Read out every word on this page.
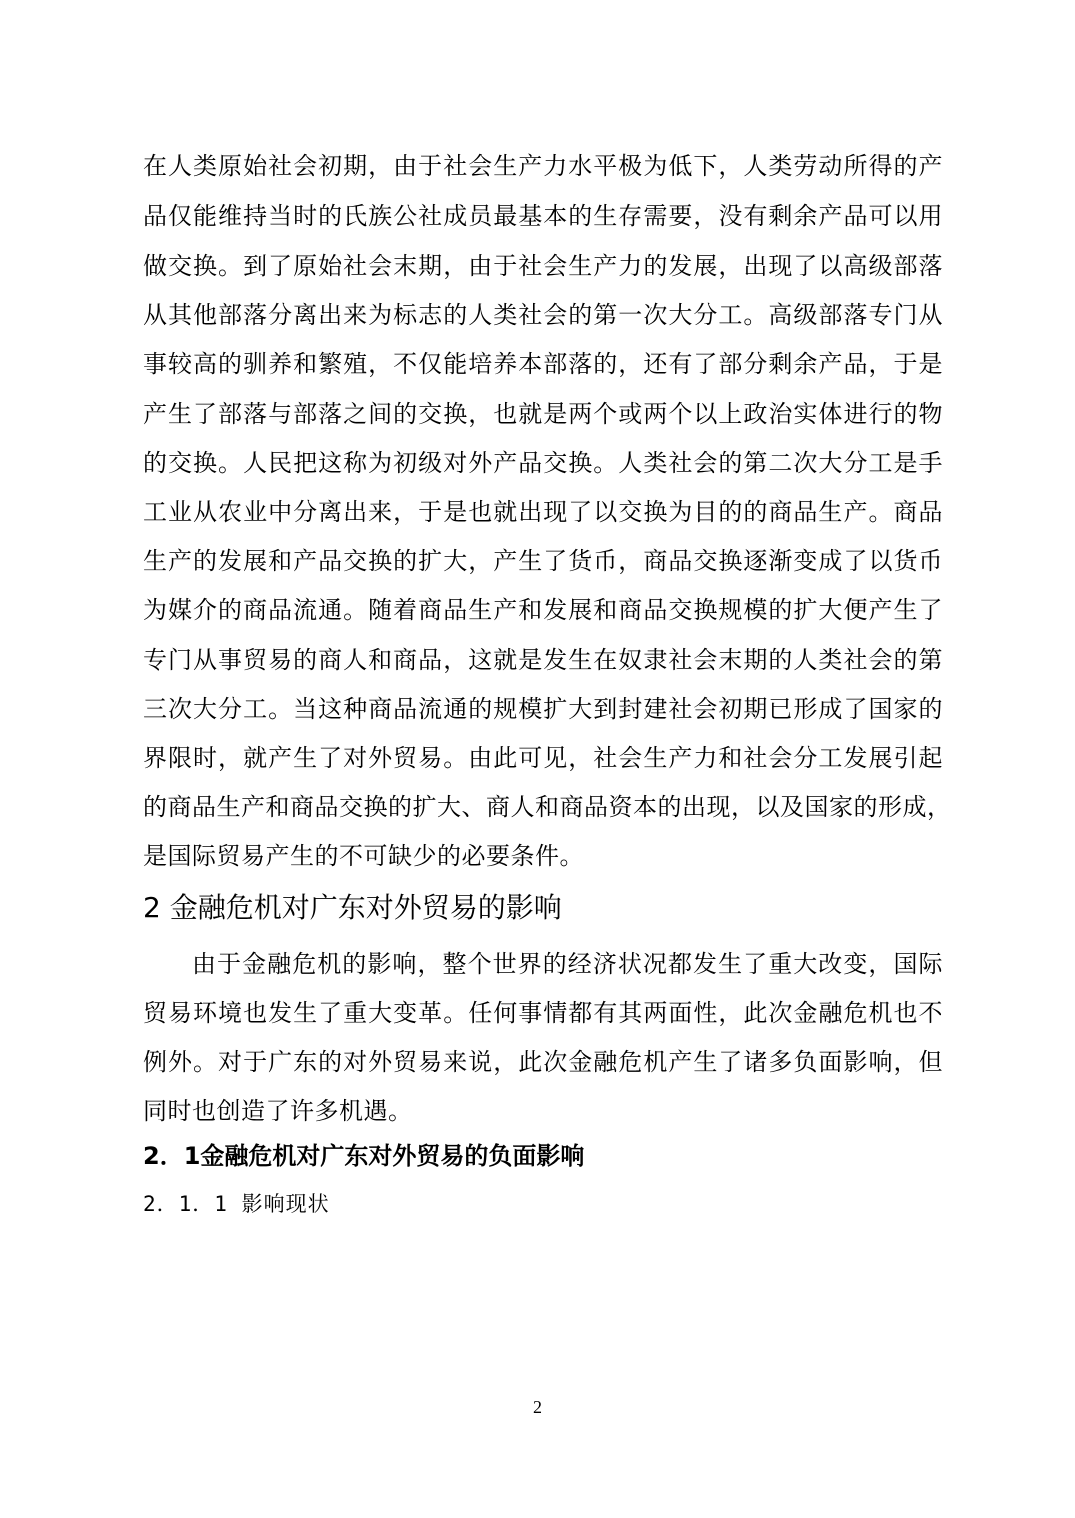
在人类原始社会初期，由于社会生产力水平极为低下，人类劳动所得的产
品仅能维持当时的氏族公社成员最基本的生存需要，没有剩余产品可以用
做交换。到了原始社会末期，由于社会生产力的发展，出现了以高级部落
从其他部落分离出来为标志的人类社会的第一次大分工。高级部落专门从
事较高的驯养和繁殖，不仅能培养本部落的，还有了部分剩余产品，于是
产生了部落与部落之间的交换，也就是两个或两个以上政治实体进行的物
的交换。人民把这称为初级对外产品交换。人类社会的第二次大分工是手
工业从农业中分离出来，于是也就出现了以交换为目的的商品生产。商品
生产的发展和产品交换的扩大，产生了货币，商品交换逐渐变成了以货币
为媒介的商品流通。随着商品生产和发展和商品交换规模的扩大便产生了
专门从事贸易的商人和商品，这就是发生在奴隶社会末期的人类社会的第
三次大分工。当这种商品流通的规模扩大到封建社会初期已形成了国家的
界限时，就产生了对外贸易。由此可见，社会生产力和社会分工发展引起
的商品生产和商品交换的扩大、商人和商品资本的出现，以及国家的形成，
是国际贸易产生的不可缺少的必要条件。
2 金融危机对广东对外贸易的影响
由于金融危机的影响，整个世界的经济状况都发生了重大改变，国际
贸易环境也发生了重大变革。任何事情都有其两面性，此次金融危机也不
例外。对于广东的对外贸易来说，此次金融危机产生了诸多负面影响，但
同时也创造了许多机遇。
2．1金融危机对广东对外贸易的负面影响
2．1．1 影响现状
2
